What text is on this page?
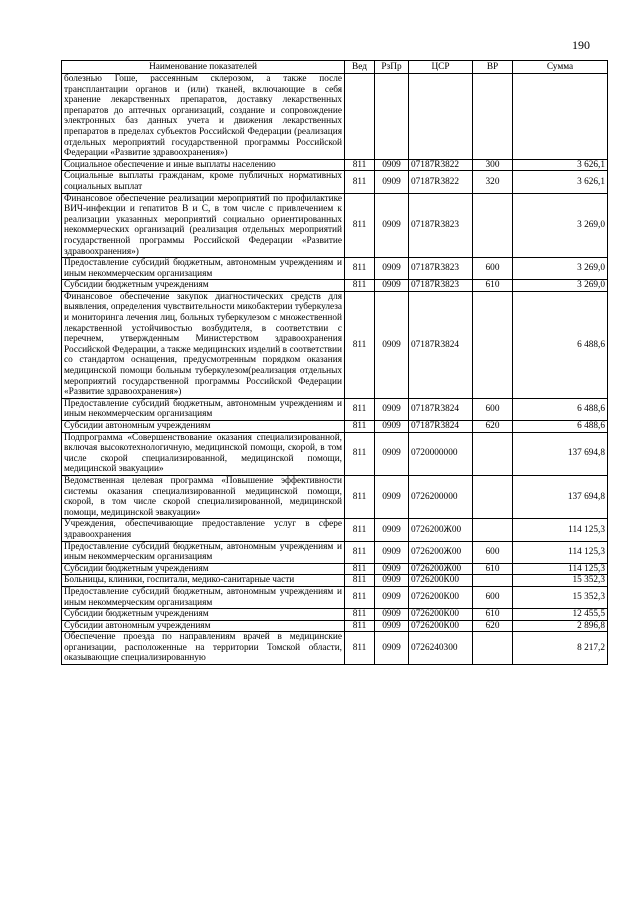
190
Наименование показателей	Вед	РзПр	ЦСР	ВР	Сумма
болезнью Гоше, рассеянным склерозом, а также после трансплантации органов и (или) тканей, включающие в себя хранение лекарственных препаратов, доставку лекарственных препаратов до аптечных организаций, создание и сопровождение электронных баз данных учета и движения лекарственных препаратов в пределах субъектов Российской Федерации (реализация отдельных мероприятий государственной программы Российской Федерации «Развитие здравоохранения»)					
Социальное обеспечение и иные выплаты населению	811	0909	07187R3822	300	3 626,1
Социальные выплаты гражданам, кроме публичных нормативных социальных выплат	811	0909	07187R3822	320	3 626,1
Финансовое обеспечение реализации мероприятий по профилактике ВИЧ-инфекции и гепатитов В и С, в том числе с привлечением к реализации указанных мероприятий социально ориентированных некоммерческих организаций (реализация отдельных мероприятий государственной программы Российской Федерации «Развитие здравоохранения»)	811	0909	07187R3823		3 269,0
Предоставление субсидий бюджетным, автономным учреждениям и иным некоммерческим организациям	811	0909	07187R3823	600	3 269,0
Субсидии бюджетным учреждениям	811	0909	07187R3823	610	3 269,0
Финансовое обеспечение закупок диагностических средств для выявления, определения чувствительности микобактерии туберкулеза и мониторинга лечения лиц, больных туберкулезом с множественной лекарственной устойчивостью возбудителя, в соответствии с перечнем, утвержденным Министерством здравоохранения Российской Федерации, а также медицинских изделий в соответствии со стандартом оснащения, предусмотренным порядком оказания медицинской помощи больным туберкулезом(реализация отдельных мероприятий государственной программы Российской Федерации «Развитие здравоохранения»)	811	0909	07187R3824		6 488,6
Предоставление субсидий бюджетным, автономным учреждениям и иным некоммерческим организациям	811	0909	07187R3824	600	6 488,6
Субсидии автономным учреждениям	811	0909	07187R3824	620	6 488,6
Подпрограмма «Совершенствование оказания специализированной, включая высокотехнологичную, медицинской помощи, скорой, в том числе скорой специализированной, медицинской помощи, медицинской эвакуации»	811	0909	0720000000		137 694,8
Ведомственная целевая программа «Повышение эффективности системы оказания специализированной медицинской помощи, скорой, в том числе скорой специализированной, медицинской помощи, медицинской эвакуации»	811	0909	0726200000		137 694,8
Учреждения, обеспечивающие предоставление услуг в сфере здравоохранения	811	0909	0726200Ж00		114 125,3
Предоставление субсидий бюджетным, автономным учреждениям и иным некоммерческим организациям	811	0909	0726200Ж00	600	114 125,3
Субсидии бюджетным учреждениям	811	0909	0726200Ж00	610	114 125,3
Больницы, клиники, госпитали, медико-санитарные части	811	0909	0726200К00		15 352,3
Предоставление субсидий бюджетным, автономным учреждениям и иным некоммерческим организациям	811	0909	0726200К00	600	15 352,3
Субсидии бюджетным учреждениям	811	0909	0726200К00	610	12 455,5
Субсидии автономным учреждениям	811	0909	0726200К00	620	2 896,8
Обеспечение проезда по направлениям врачей в медицинские организации, расположенные на территории Томской области, оказывающие специализированную	811	0909	0726240300		8 217,2
